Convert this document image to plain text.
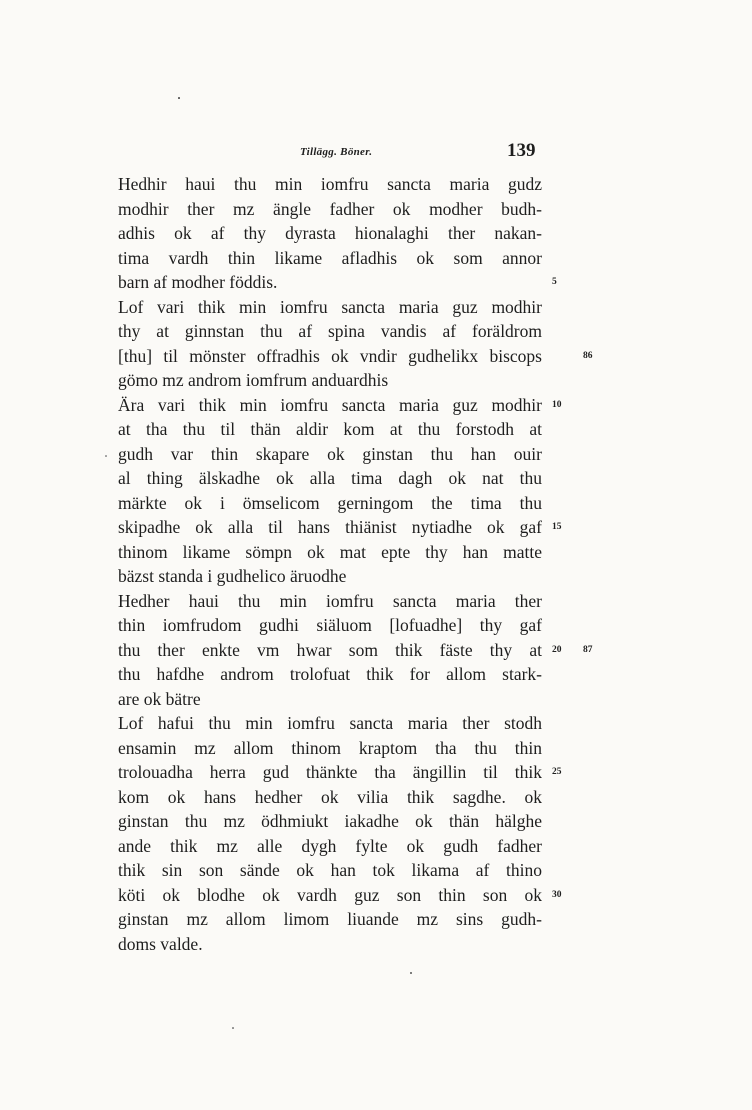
Tillägg. Böner.	139
Hedhir haui thu min iomfru sancta maria gudz
modhir ther mz ängle fadher ok modher budh-
adhis ok af thy dyrasta hionalaghi ther nakan-
tima vardh thin likame afladhis ok som annor
barn af modher föddis.
Lof vari thik min iomfru sancta maria guz modhir
thy at ginnstan thu af spina vandis af foräldrom
[thu] til mönster offradhis ok vndir gudhelikx biscops
gömo mz androm iomfrum anduardhis
Ära vari thik min iomfru sancta maria guz modhir
at tha thu til thän aldir kom at thu forstodh at
gudh var thin skapare ok ginstan thu han ouir
al thing älskadhe ok alla tima dagh ok nat thu
märkte ok i ömselicom gerningom the tima thu
skipadhe ok alla til hans thiänist nytiadhe ok gaf
thinom likame sömpn ok mat epte thy han matte
bäzst standa i gudhelico äruodhe
Hedher haui thu min iomfru sancta maria ther
thin iomfrudom gudhi siäluom [lofuadhe] thy gaf
thu ther enkte vm hwar som thik fäste thy at
thu hafdhe androm trolofuat thik for allom stark-
are ok bätre
Lof hafui thu min iomfru sancta maria ther stodh
ensamin mz allom thinom kraptom tha thu thin
trolouadha herra gud thänkte tha ängillin til thik
kom ok hans hedher ok vilia thik sagdhe. ok
ginstan thu mz ödhmiukt iakadhe ok thän hälghe
ande thik mz alle dygh fylte ok gudh fadher
thik sin son sände ok han tok likama af thino
köti ok blodhe ok vardh guz son thin son ok
ginstan mz allom limom liuande mz sins gudh-
doms valde.
5
10
15
20
25
30
86
87
